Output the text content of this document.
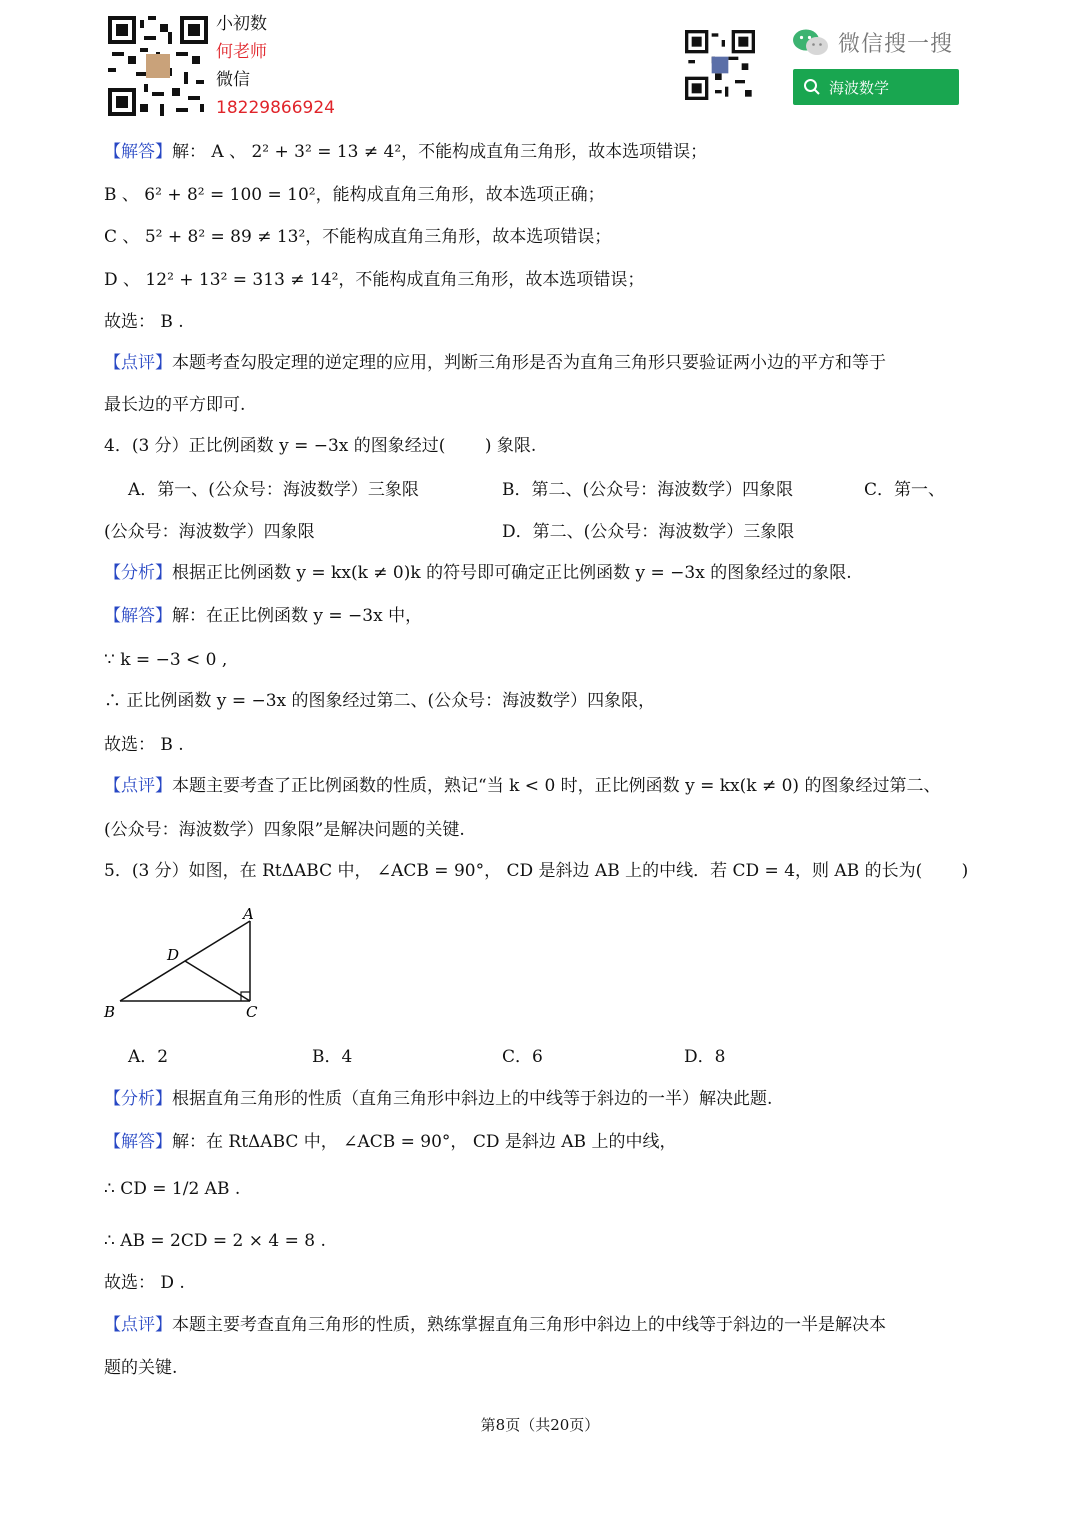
小初数
何老师
微信
18229866924
微信搜一搜
海波数学
【解答】解： A 、 2² + 3² = 13 ≠ 4²，不能构成直角三角形，故本选项错误；
B 、 6² + 8² = 100 = 10²，能构成直角三角形，故本选项正确；
C 、 5² + 8² = 89 ≠ 13²，不能构成直角三角形，故本选项错误；
D 、 12² + 13² = 313 ≠ 14²，不能构成直角三角形，故本选项错误；
故选： B .
【点评】本题考查勾股定理的逆定理的应用，判断三角形是否为直角三角形只要验证两小边的平方和等于
最长边的平方即可.
4．(3 分）正比例函数 y = −3x 的图象经过(　　 ) 象限.
A．第一、(公众号：海波数学）三象限	B．第二、(公众号：海波数学）四象限	C．第一、
(公众号：海波数学）四象限	D．第二、(公众号：海波数学）三象限
【分析】根据正比例函数 y = kx(k ≠ 0)k 的符号即可确定正比例函数 y = −3x 的图象经过的象限.
【解答】解：在正比例函数 y = −3x 中，
∵ k = −3 < 0 ,
∴ 正比例函数 y = −3x 的图象经过第二、(公众号：海波数学）四象限，
故选： B .
【点评】本题主要考查了正比例函数的性质，熟记“当 k < 0 时，正比例函数 y = kx(k ≠ 0) 的图象经过第二、
(公众号：海波数学）四象限”是解决问题的关键.
5．(3 分）如图，在 RtΔABC 中， ∠ACB = 90°， CD 是斜边 AB 上的中线．若 CD = 4，则 AB 的长为(　　 )
A
B	C
D
A．2	B．4	C．6	D．8
【分析】根据直角三角形的性质（直角三角形中斜边上的中线等于斜边的一半）解决此题.
【解答】解：在 RtΔABC 中， ∠ACB = 90°， CD 是斜边 AB 上的中线，
∴ CD = 1/2 AB .
∴ AB = 2CD = 2 × 4 = 8 .
故选： D .
【点评】本题主要考查直角三角形的性质，熟练掌握直角三角形中斜边上的中线等于斜边的一半是解决本
题的关键.
第8页（共20页）
